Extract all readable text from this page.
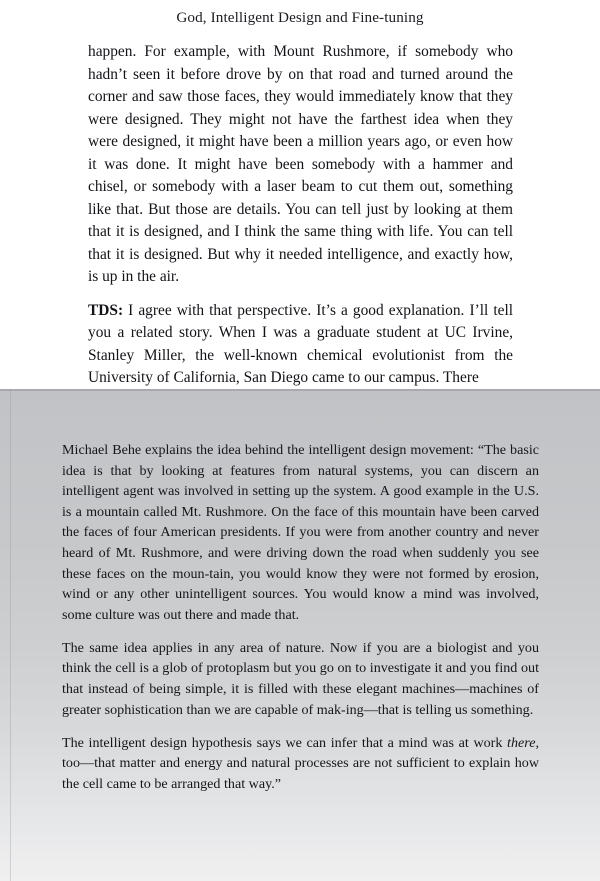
God, Intelligent Design and Fine-tuning

happen. For example, with Mount Rushmore, if somebody who hadn’t seen it before drove by on that road and turned around the corner and saw those faces, they would immediately know that they were designed. They might not have the farthest idea when they were designed, it might have been a million years ago, or even how it was done. It might have been somebody with a hammer and chisel, or somebody with a laser beam to cut them out, something like that. But those are details. You can tell just by looking at them that it is designed, and I think the same thing with life. You can tell that it is designed. But why it needed intelligence, and exactly how, is up in the air.

TDS: I agree with that perspective. It’s a good explanation. I’ll tell you a related story. When I was a graduate student at UC Irvine, Stanley Miller, the well-known chemical evolutionist from the University of California, San Diego came to our campus. There

Michael Behe explains the idea behind the intelligent design movement: “The basic idea is that by looking at features from natural systems, you can discern an intelligent agent was involved in setting up the system. A good example in the U.S. is a mountain called Mt. Rushmore. On the face of this mountain have been carved the faces of four American presidents. If you were from another country and never heard of Mt. Rushmore, and were driving down the road when suddenly you see these faces on the moun-tain, you would know they were not formed by erosion, wind or any other unintelligent sources. You would know a mind was involved, some culture was out there and made that.

The same idea applies in any area of nature. Now if you are a biologist and you think the cell is a glob of protoplasm but you go on to investigate it and you find out that instead of being simple, it is filled with these elegant machines—machines of greater sophistication than we are capable of mak-ing—that is telling us something.

The intelligent design hypothesis says we can infer that a mind was at work there, too—that matter and energy and natural processes are not sufficient to explain how the cell came to be arranged that way.”
